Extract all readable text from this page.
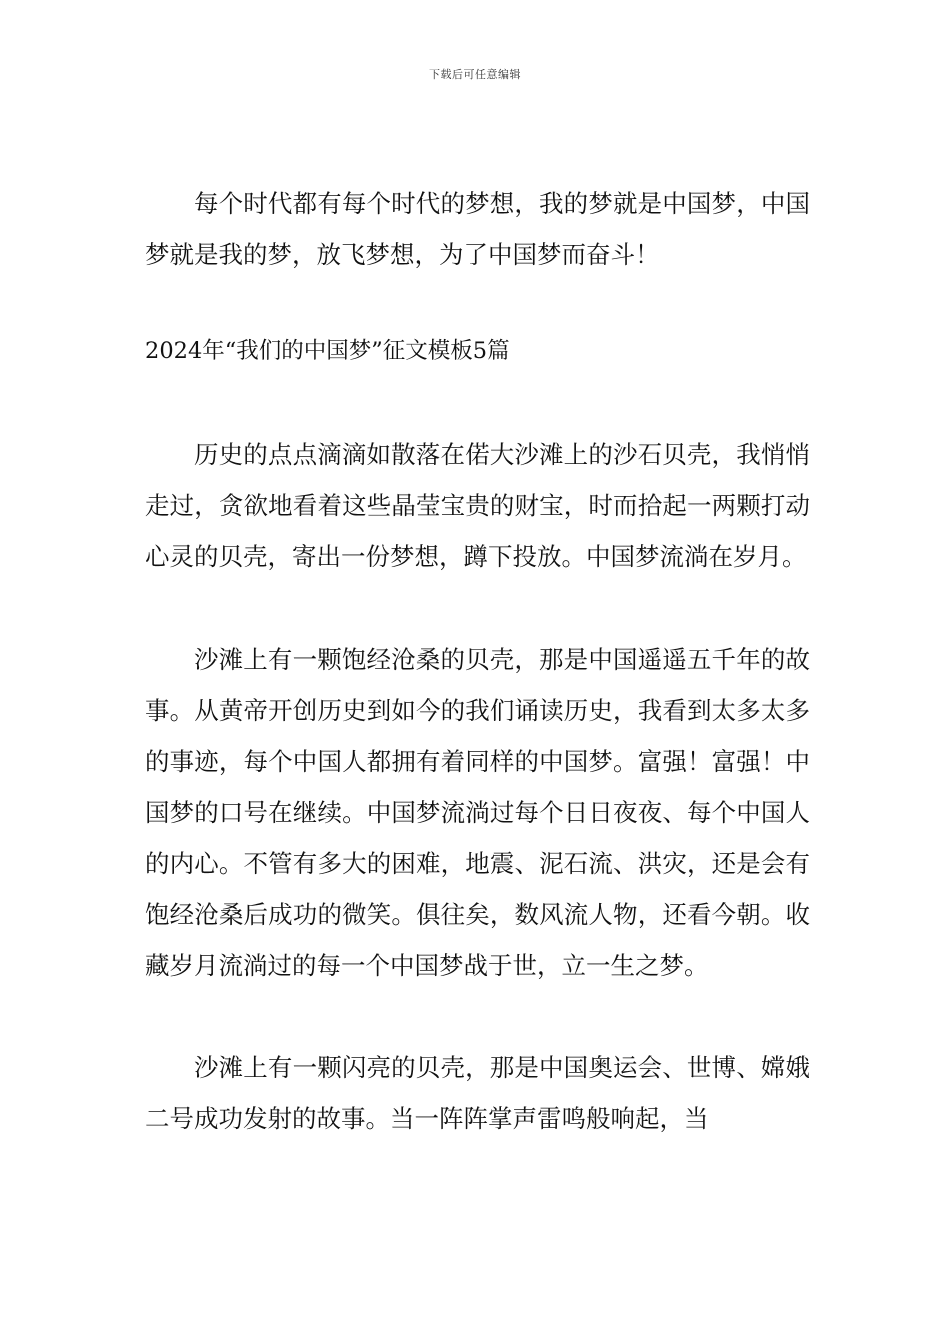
下载后可任意编辑

每个时代都有每个时代的梦想，我的梦就是中国梦，中国梦就是我的梦，放飞梦想，为了中国梦而奋斗！

2024年“我们的中国梦”征文模板5篇

历史的点点滴滴如散落在偌大沙滩上的沙石贝壳，我悄悄走过，贪欲地看着这些晶莹宝贵的财宝，时而拾起一两颗打动心灵的贝壳，寄出一份梦想，蹲下投放。中国梦流淌在岁月。

沙滩上有一颗饱经沧桑的贝壳，那是中国遥遥五千年的故事。从黄帝开创历史到如今的我们诵读历史，我看到太多太多的事迹，每个中国人都拥有着同样的中国梦。富强！富强！中国梦的口号在继续。中国梦流淌过每个日日夜夜、每个中国人的内心。不管有多大的困难，地震、泥石流、洪灾，还是会有饱经沧桑后成功的微笑。俱往矣，数风流人物，还看今朝。收藏岁月流淌过的每一个中国梦战于世，立一生之梦。

沙滩上有一颗闪亮的贝壳，那是中国奥运会、世博、嫦娥二号成功发射的故事。当一阵阵掌声雷鸣般响起，当
